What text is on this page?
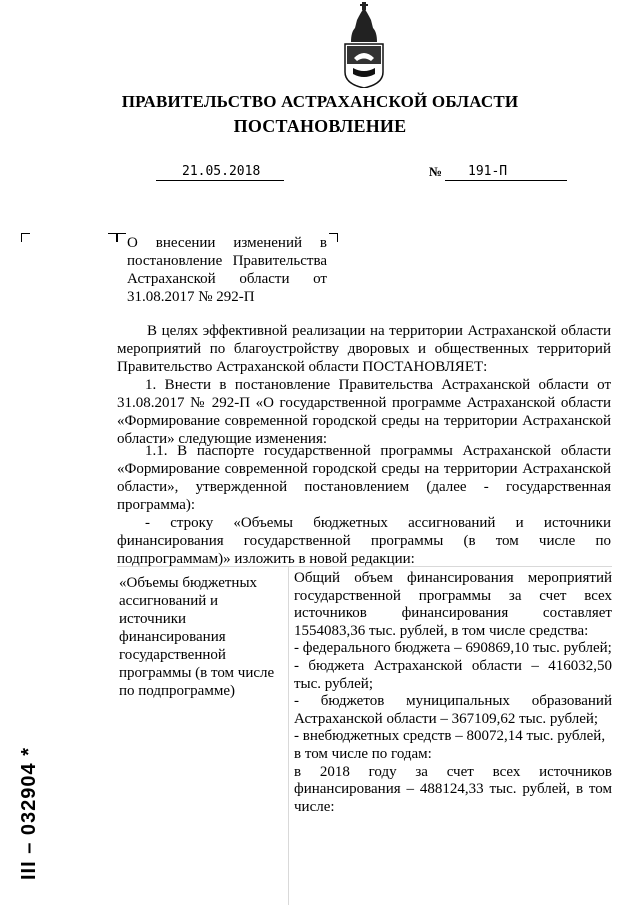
ПРАВИТЕЛЬСТВО АСТРАХАНСКОЙ ОБЛАСТИ
ПОСТАНОВЛЕНИЕ
21.05.2018	№ 191-П
О внесении изменений в постановление Правительства Астраханской области от 31.08.2017 № 292-П
В целях эффективной реализации на территории Астраханской области мероприятий по благоустройству дворовых и общественных территорий Правительство Астраханской области ПОСТАНОВЛЯЕТ:
1. Внести в постановление Правительства Астраханской области от 31.08.2017 № 292-П «О государственной программе Астраханской области «Формирование современной городской среды на территории Астраханской области» следующие изменения:
1.1. В паспорте государственной программы Астраханской области «Формирование современной городской среды на территории Астраханской области», утвержденной постановлением (далее - государственная программа):
- строку «Объемы бюджетных ассигнований и источники финансирования государственной программы (в том числе по подпрограммам)» изложить в новой редакции:
«Объемы бюджетных ассигнований и источники финансирования государственной программы (в том числе по подпрограмме)
Общий объем финансирования мероприятий государственной программы за счет всех источников финансирования составляет 1554083,36 тыс. рублей, в том числе средства:
- федерального бюджета – 690869,10 тыс. рублей;
- бюджета Астраханской области – 416032,50 тыс. рублей;
- бюджетов муниципальных образований Астраханской области – 367109,62 тыс. рублей;
- внебюджетных средств – 80072,14 тыс. рублей,
в том числе по годам:
в 2018 году за счет всех источников финансирования – 488124,33 тыс. рублей, в том числе:
III – 032904 *
